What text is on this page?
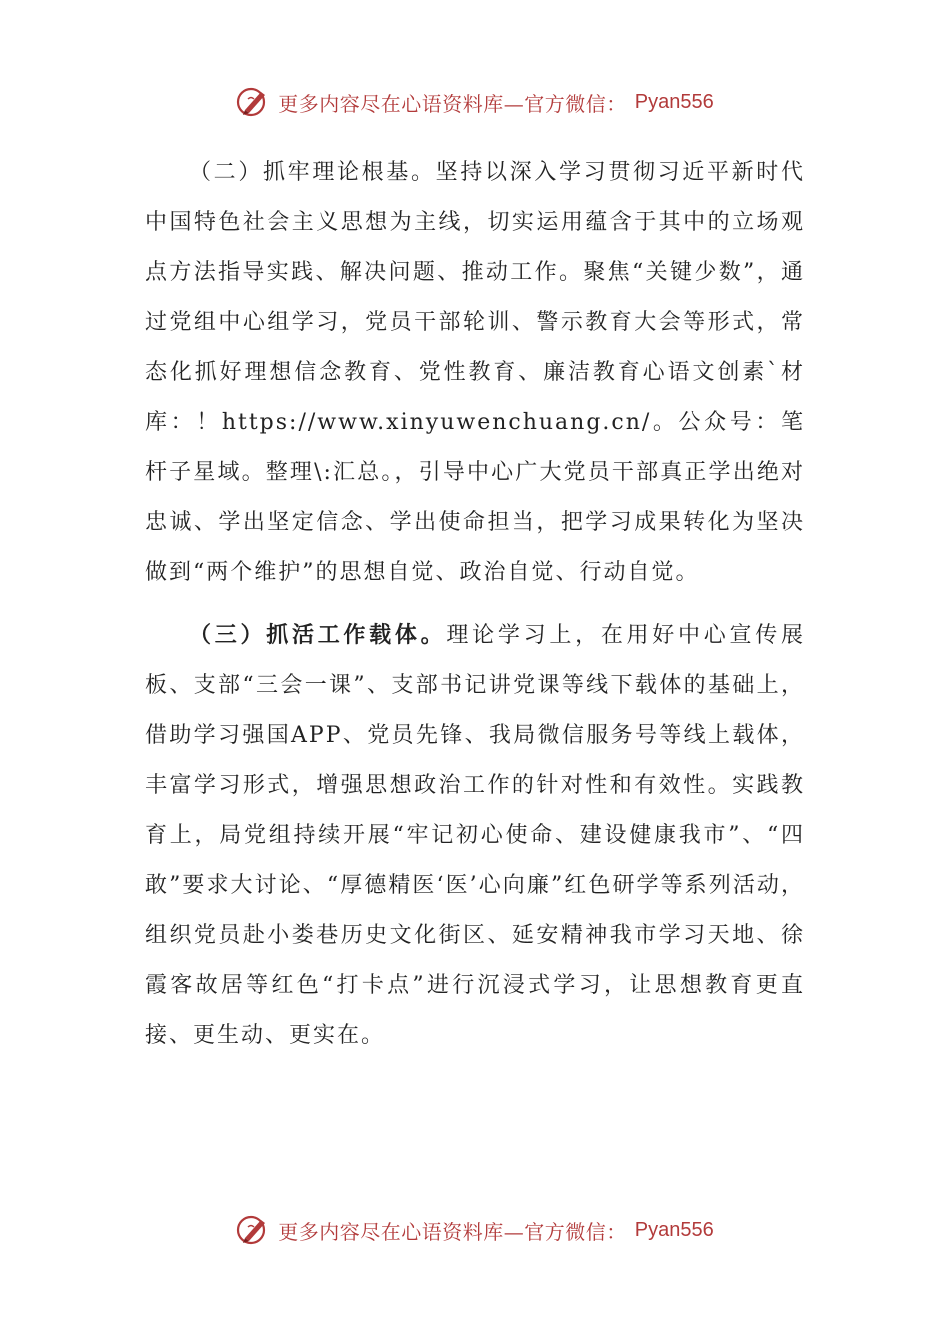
更多内容尽在心语资料库—官方微信： Pyan556

（二）抓牢理论根基。坚持以深入学习贯彻习近平新时代中国特色社会主义思想为主线，切实运用蕴含于其中的立场观点方法指导实践、解决问题、推动工作。聚焦“关键少数”，通过党组中心组学习，党员干部轮训、警示教育大会等形式，常态化抓好理想信念教育、党性教育、廉洁教育心语文创素`材库：！https://www.xinyuwenchuang.cn/。公众号：笔杆子星域。整理\:汇总。，引导中心广大党员干部真正学出绝对忠诚、学出坚定信念、学出使命担当，把学习成果转化为坚决做到“两个维护”的思想自觉、政治自觉、行动自觉。

（三）抓活工作载体。理论学习上，在用好中心宣传展板、支部“三会一课”、支部书记讲党课等线下载体的基础上，借助学习强国APP、党员先锋、我局微信服务号等线上载体，丰富学习形式，增强思想政治工作的针对性和有效性。实践教育上，局党组持续开展“牢记初心使命、建设健康我市”、“四敢”要求大讨论、“厚德精医‘医’心向廉”红色研学等系列活动，组织党员赴小娄巷历史文化街区、延安精神我市学习天地、徐霞客故居等红色“打卡点”进行沉浸式学习，让思想教育更直接、更生动、更实在。

更多内容尽在心语资料库—官方微信： Pyan556
